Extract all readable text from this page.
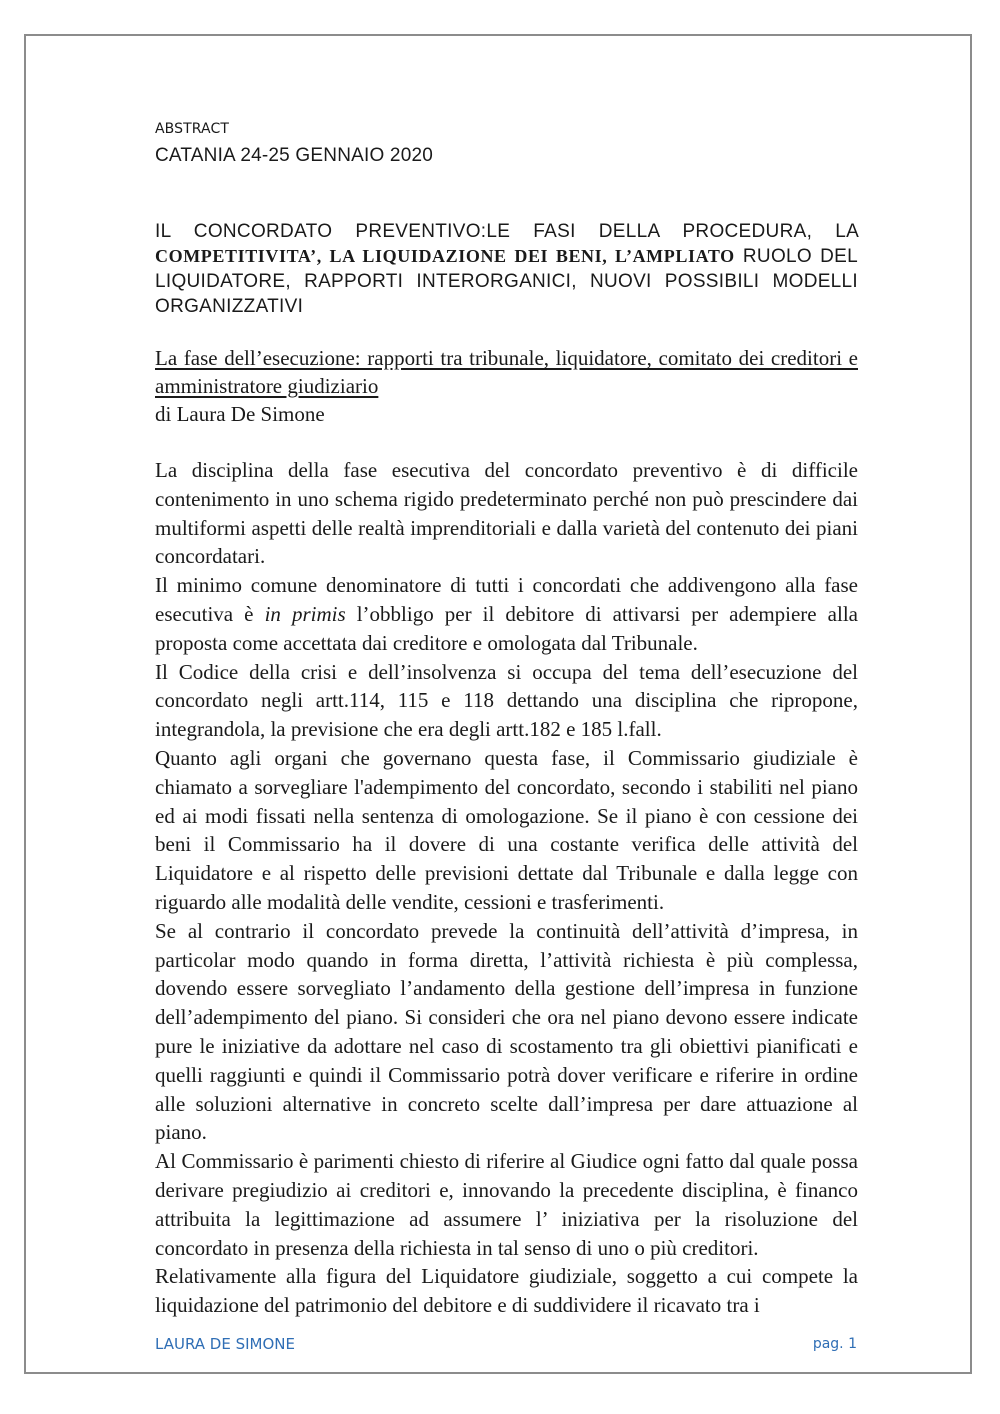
ABSTRACT
CATANIA 24-25 GENNAIO 2020
IL CONCORDATO PREVENTIVO:LE FASI DELLA PROCEDURA, LA COMPETITIVITA’, LA LIQUIDAZIONE DEI BENI, L’AMPLIATO RUOLO DEL LIQUIDATORE, RAPPORTI INTERORGANICI, NUOVI POSSIBILI MODELLI ORGANIZZATIVI
La fase dell’esecuzione: rapporti tra tribunale, liquidatore, comitato dei creditori e amministratore giudiziario
di Laura De Simone

La disciplina della fase esecutiva del concordato preventivo è di difficile contenimento in uno schema rigido predeterminato perché non può prescindere dai multiformi aspetti delle realtà imprenditoriali e dalla varietà del contenuto dei piani concordatari.

Il minimo comune denominatore di tutti i concordati che addivengono alla fase esecutiva è in primis l’obbligo per il debitore di attivarsi per adempiere alla proposta come accettata dai creditore e omologata dal Tribunale.

Il Codice della crisi e dell’insolvenza si occupa del tema dell’esecuzione del concordato negli artt.114, 115 e 118 dettando una disciplina che ripropone, integrandola, la previsione che era degli artt.182 e 185 l.fall.

Quanto agli organi che governano questa fase, il Commissario giudiziale è chiamato a sorvegliare l'adempimento del concordato, secondo i stabiliti nel piano ed ai modi fissati nella sentenza di omologazione. Se il piano è con cessione dei beni il Commissario ha il dovere di una costante verifica delle attività del Liquidatore e al rispetto delle previsioni dettate dal Tribunale e dalla legge con riguardo alle modalità delle vendite, cessioni e trasferimenti.

Se al contrario il concordato prevede la continuità dell’attività d’impresa, in particolar modo quando in forma diretta, l’attività richiesta è più complessa, dovendo essere sorvegliato l’andamento della gestione dell’impresa in funzione dell’adempimento del piano. Si consideri che ora nel piano devono essere indicate pure le iniziative da adottare nel caso di scostamento tra gli obiettivi pianificati e quelli raggiunti e quindi il Commissario potrà dover verificare e riferire in ordine alle soluzioni alternative in concreto scelte dall’impresa per dare attuazione al piano.

Al Commissario è parimenti chiesto di riferire al Giudice ogni fatto dal quale possa derivare pregiudizio ai creditori e, innovando la precedente disciplina, è financo attribuita la legittimazione ad assumere l’ iniziativa per la risoluzione del concordato in presenza della richiesta in tal senso di uno o più creditori.

Relativamente alla figura del Liquidatore giudiziale, soggetto a cui compete la liquidazione del patrimonio del debitore e di suddividere il ricavato tra i

LAURA DE SIMONE	pag. 1
